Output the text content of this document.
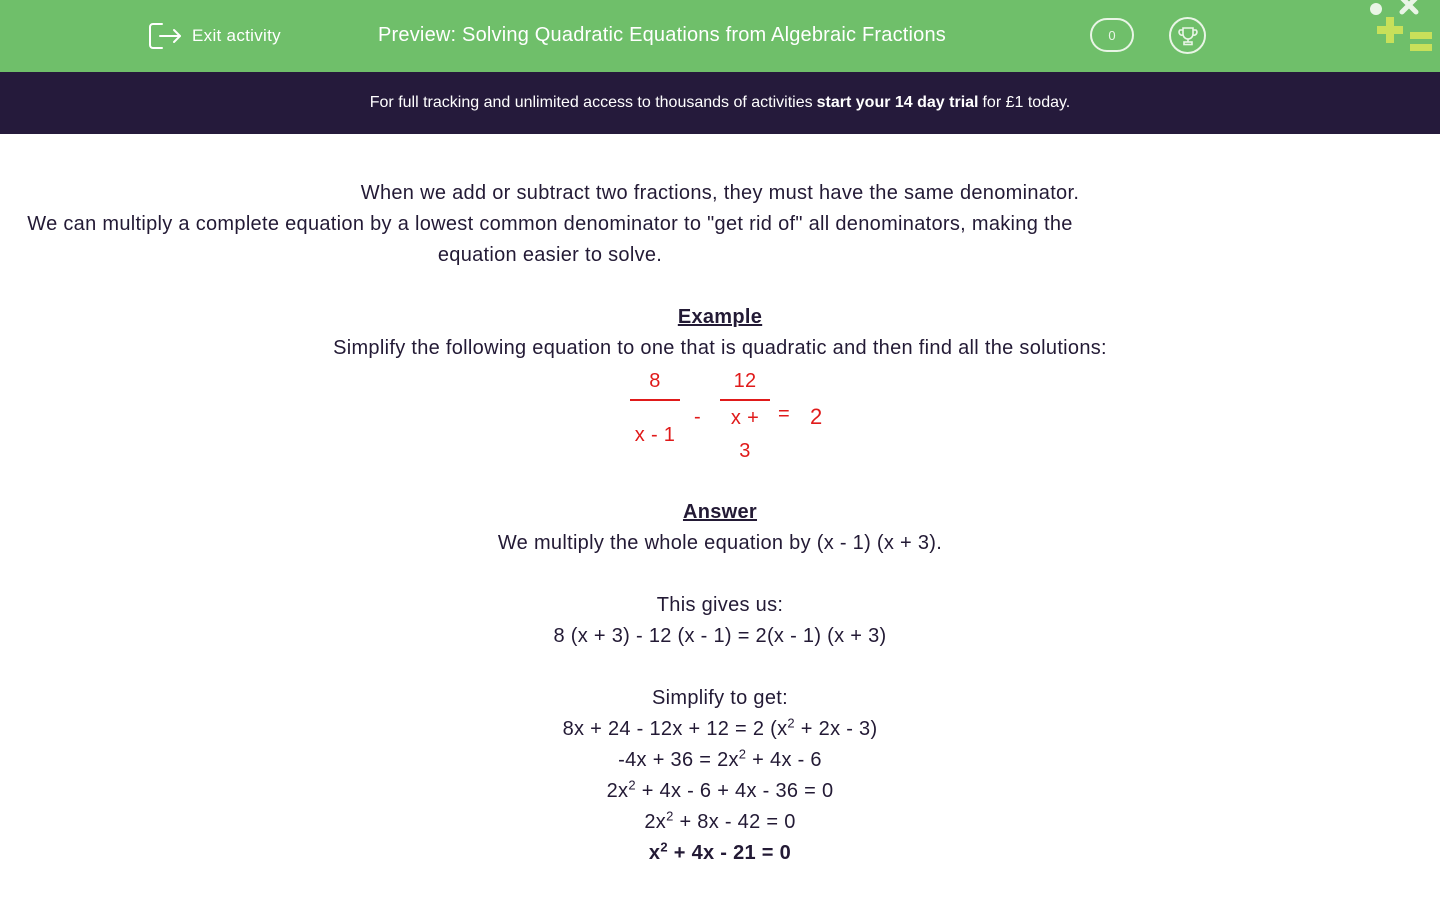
Exit activity	Preview: Solving Quadratic Equations from Algebraic Fractions	0
For full tracking and unlimited access to thousands of activities start your 14 day trial for £1 today.

When we add or subtract two fractions, they must have the same denominator.

We can multiply a complete equation by a lowest common denominator to "get rid of" all denominators, making the equation easier to solve.

Example

Simplify the following equation to one that is quadratic and then find all the solutions:

8
x - 1
-
12
x +
3
= 2

Answer

We multiply the whole equation by (x - 1) (x + 3).

This gives us:

8 (x + 3) - 12 (x - 1) = 2(x - 1) (x + 3)

Simplify to get:

8x + 24 - 12x + 12 = 2 $(x^2 + 2x - 3)$

$-4x + 36 = 2x^2 + 4x - 6$

$2x^2 + 4x - 6 + 4x - 36 = 0$

$2x^2 + 8x - 42 = 0$

$x^2 + 4x - 21 = 0$
